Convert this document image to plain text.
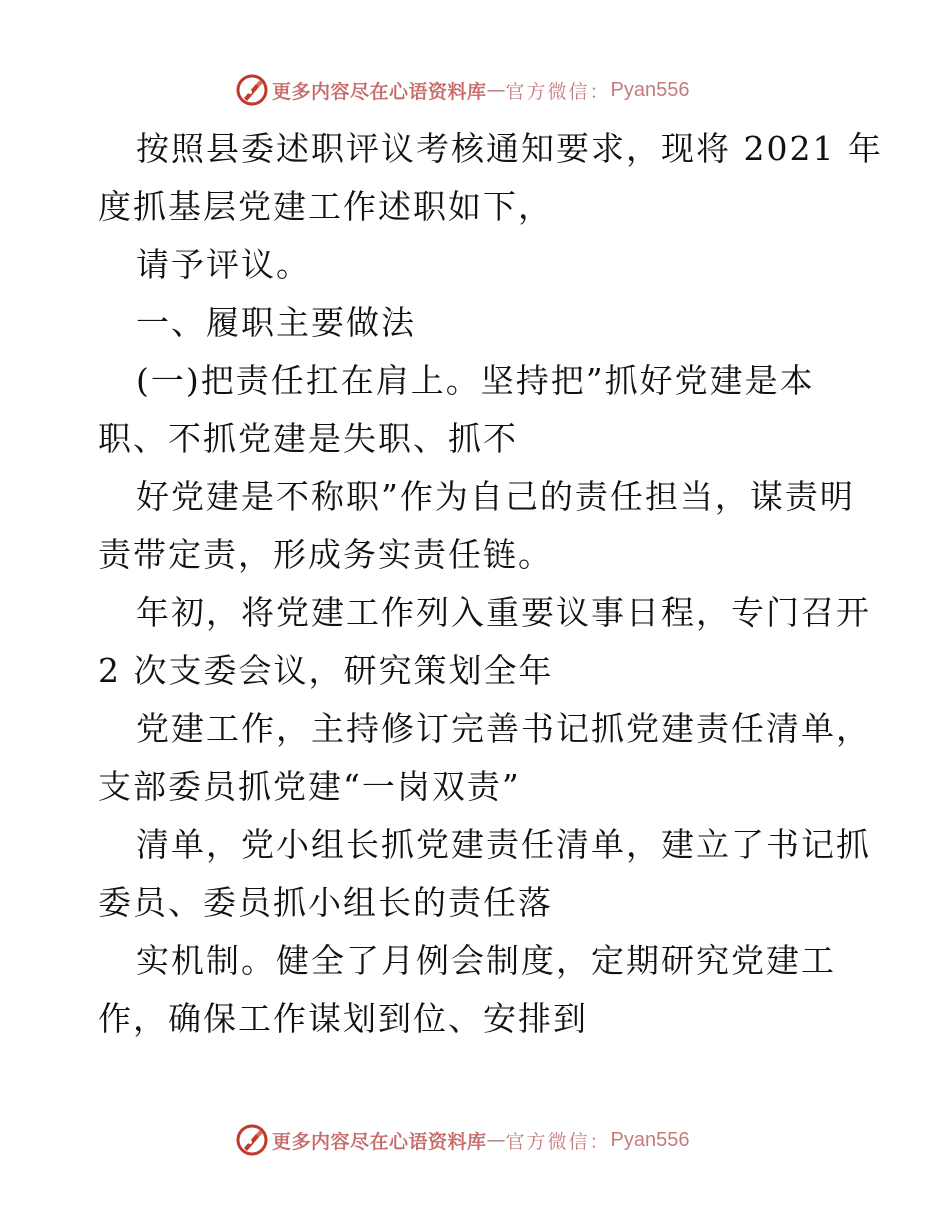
更多内容尽在心语资料库 — 官方微信： Pyan556
按照县委述职评议考核通知要求，现将 2021 年
度抓基层党建工作述职如下，
请予评议。
一、履职主要做法
(一)把责任扛在肩上。坚持把”抓好党建是本
职、不抓党建是失职、抓不
好党建是不称职”作为自己的责任担当，谋责明
责带定责，形成务实责任链。
年初，将党建工作列入重要议事日程，专门召开
2 次支委会议，研究策划全年
党建工作，主持修订完善书记抓党建责任清单，
支部委员抓党建“一岗双责”
清单，党小组长抓党建责任清单，建立了书记抓
委员、委员抓小组长的责任落
实机制。健全了月例会制度，定期研究党建工
作，确保工作谋划到位、安排到
更多内容尽在心语资料库 — 官方微信： Pyan556
